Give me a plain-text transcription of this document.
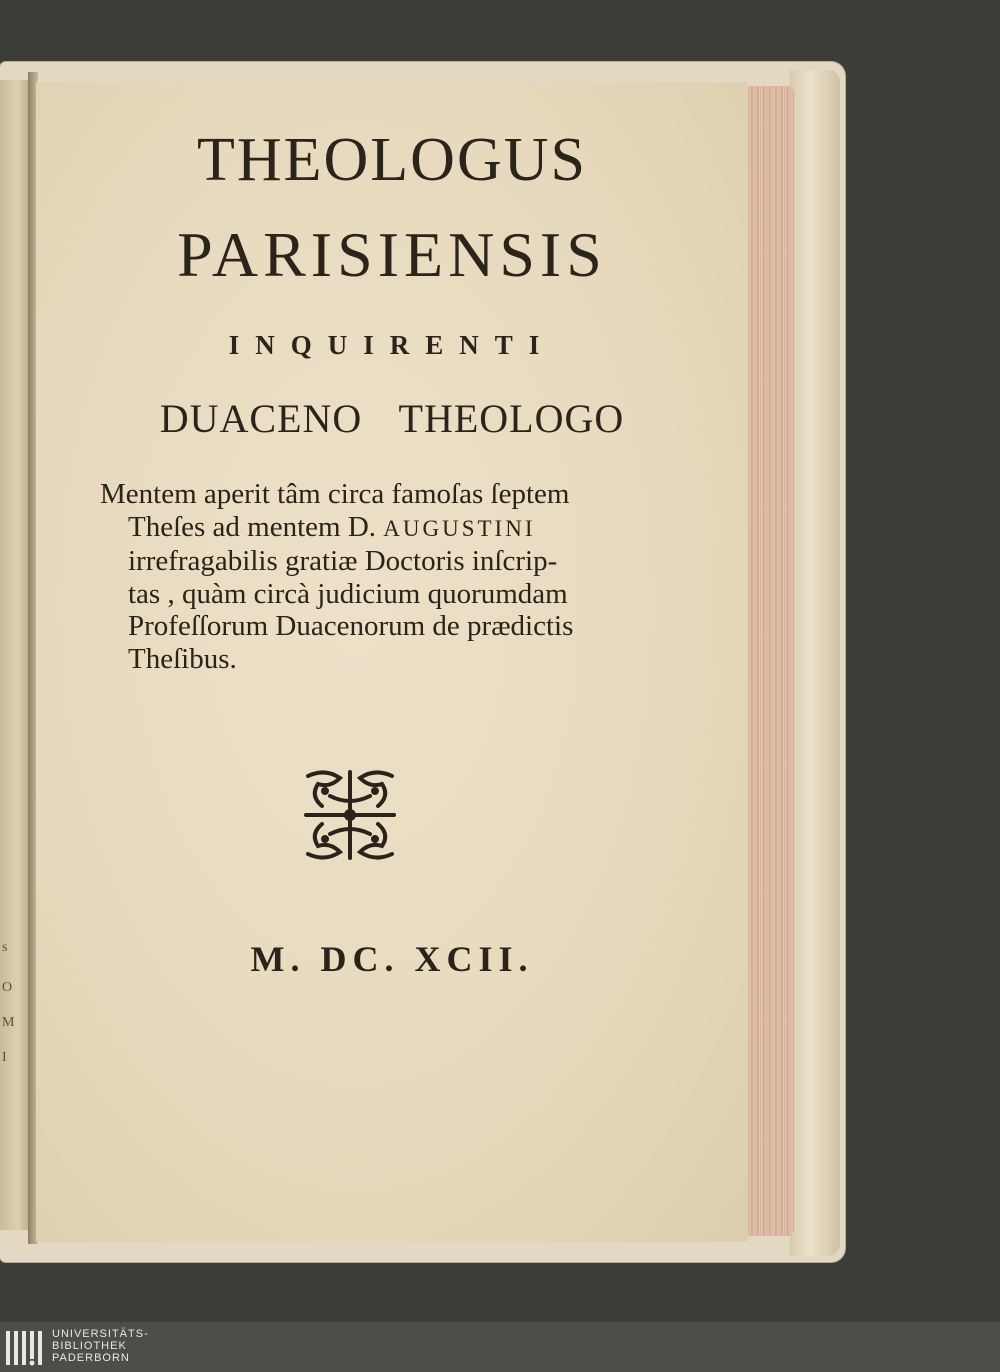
s
O
M
I
THEOLOGUS
PARISIENSIS
INQUIRENTI
DUACENO THEOLOGO
Mentem aperit tâm circa famoſas ſeptem
Theſes ad mentem D. AUGUSTINI
irrefragabilis gratiæ Doctoris inſcrip-
tas , quàm circà judicium quorumdam
Profeſſorum Duacenorum de prædictis
Theſibus.
M. DC. XCII.
UNIVERSITÄTS-
BIBLIOTHEK
PADERBORN
